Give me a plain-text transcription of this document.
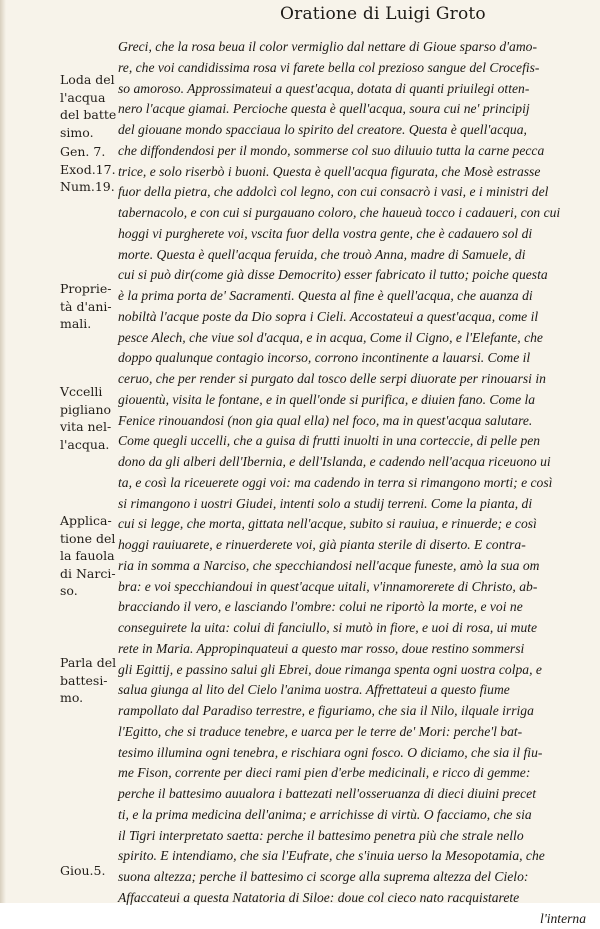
Oratione di Luigi Groto
Loda del
l'acqua
del batte
simo.
Gen. 7.
Exod.17.
Num.19.
Proprie-
tà d'ani-
mali.
Vccelli
pigliano
vita nel-
l'acqua.
Applica-
tione del
la fauola
di Narci-
so.
Parla del
battesi-
mo.
Giou.5.
Greci, che la rosa beua il color vermiglio dal nettare di Gioue sparso d'amo-
re, che voi candidissima rosa vi farete bella col prezioso sangue del Crocefis-
so amoroso. Approssimateui a quest'acqua, dotata di quanti priuilegi otten-
nero l'acque giamai. Percioche questa è quell'acqua, soura cui ne' principij
del giouane mondo spacciaua lo spirito del creatore. Questa è quell'acqua,
che diffondendosi per il mondo, sommerse col suo diluuio tutta la carne pecca
trice, e solo riserbò i buoni. Questa è quell'acqua figurata, che Mosè estrasse
fuor della pietra, che addolcì col legno, con cui consacrò i vasi, e i ministri del
tabernacolo, e con cui si purgauano coloro, che haueuà tocco i cadaueri, con cui
hoggi vi purgherete voi, vscita fuor della vostra gente, che è cadauero sol di
morte. Questa è quell'acqua feruida, che trouò Anna, madre di Samuele, di
cui si può dir(come già disse Democrito) esser fabricato il tutto; poiche questa
è la prima porta de' Sacramenti. Questa al fine è quell'acqua, che auanza di
nobiltà l'acque poste da Dio sopra i Cieli. Accostateui a quest'acqua, come il
pesce Alech, che viue sol d'acqua, e in acqua, Come il Cigno, e l'Elefante, che
doppo qualunque contagio incorso, corrono incontinente a lauarsi. Come il
ceruo, che per render si purgato dal tosco delle serpi diuorate per rinouarsi in
giouentù, visita le fontane, e in quell'onde si purifica, e diuien fano. Come la
Fenice rinouandosi (non gia qual ella) nel foco, ma in quest'acqua salutare.
Come quegli uccelli, che a guisa di frutti inuolti in una corteccie, di pelle pen
dono da gli alberi dell'Ibernia, e dell'Islanda, e cadendo nell'acqua riceuono ui
ta, e così la riceuerete oggi voi: ma cadendo in terra si rimangono morti; e così
si rimangono i uostri Giudei, intenti solo a studij terreni. Come la pianta, di
cui si legge, che morta, gittata nell'acque, subito si rauiua, e rinuerde; e così
hoggi rauiuarete, e rinuerderete voi, già pianta sterile di diserto. E contra-
ria in somma a Narciso, che specchiandosi nell'acque funeste, amò la sua om
bra: e voi specchiandoui in quest'acque uitali, v'innamorerete di Christo, ab-
bracciando il vero, e lasciando l'ombre: colui ne riportò la morte, e voi ne
conseguirete la uita: colui di fanciullo, si mutò in fiore, e uoi di rosa, ui mute
rete in Maria. Appropinquateui a questo mar rosso, doue restino sommersi
gli Egittij, e passino salui gli Ebrei, doue rimanga spenta ogni uostra colpa, e
salua giunga al lito del Cielo l'anima uostra. Affrettateui a questo fiume
rampollato dal Paradiso terrestre, e figuriamo, che sia il Nilo, ilquale irriga
l'Egitto, che si traduce tenebre, e uarca per le terre de' Mori: perche'l bat-
tesimo illumina ogni tenebra, e rischiara ogni fosco. O diciamo, che sia il fiu-
me Fison, corrente per dieci rami pien d'erbe medicinali, e ricco di gemme:
perche il battesimo auualora i battezati nell'osseruanza di dieci diuini precet
ti, e la prima medicina dell'anima; e arrichisse di virtù. O facciamo, che sia
il Tigri interpretato saetta: perche il battesimo penetra più che strale nello
spirito. E intendiamo, che sia l'Eufrate, che s'inuia uerso la Mesopotamia, che
suona altezza; perche il battesimo ci scorge alla suprema altezza del Cielo:
Affaccateui a questa Natatoria di Siloe: doue col cieco nato racquistarete
l'interna
